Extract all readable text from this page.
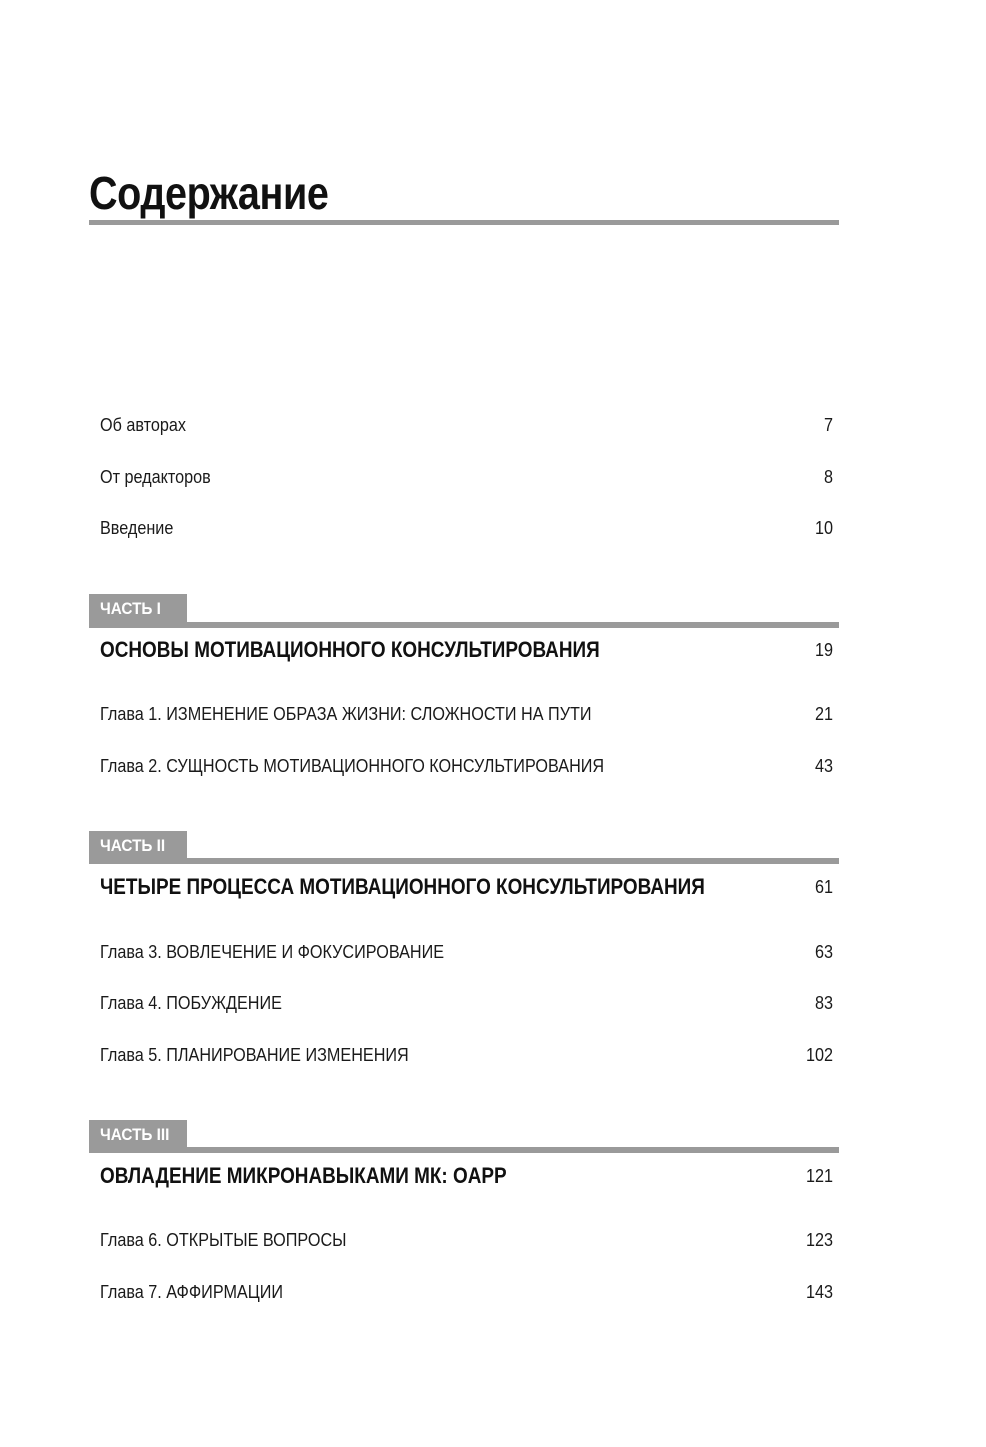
Содержание
Об авторах	7
От редакторов	8
Введение	10
ЧАСТЬ I
ОСНОВЫ МОТИВАЦИОННОГО КОНСУЛЬТИРОВАНИЯ	19
Глава 1. ИЗМЕНЕНИЕ ОБРАЗА ЖИЗНИ: СЛОЖНОСТИ НА ПУТИ	21
Глава 2. СУЩНОСТЬ МОТИВАЦИОННОГО КОНСУЛЬТИРОВАНИЯ	43
ЧАСТЬ II
ЧЕТЫРЕ ПРОЦЕССА МОТИВАЦИОННОГО КОНСУЛЬТИРОВАНИЯ	61
Глава 3. ВОВЛЕЧЕНИЕ И ФОКУСИРОВАНИЕ	63
Глава 4. ПОБУЖДЕНИЕ	83
Глава 5. ПЛАНИРОВАНИЕ ИЗМЕНЕНИЯ	102
ЧАСТЬ III
ОВЛАДЕНИЕ МИКРОНАВЫКАМИ МК: OAPP	121
Глава 6. ОТКРЫТЫЕ ВОПРОСЫ	123
Глава 7. АФФИРМАЦИИ	143
